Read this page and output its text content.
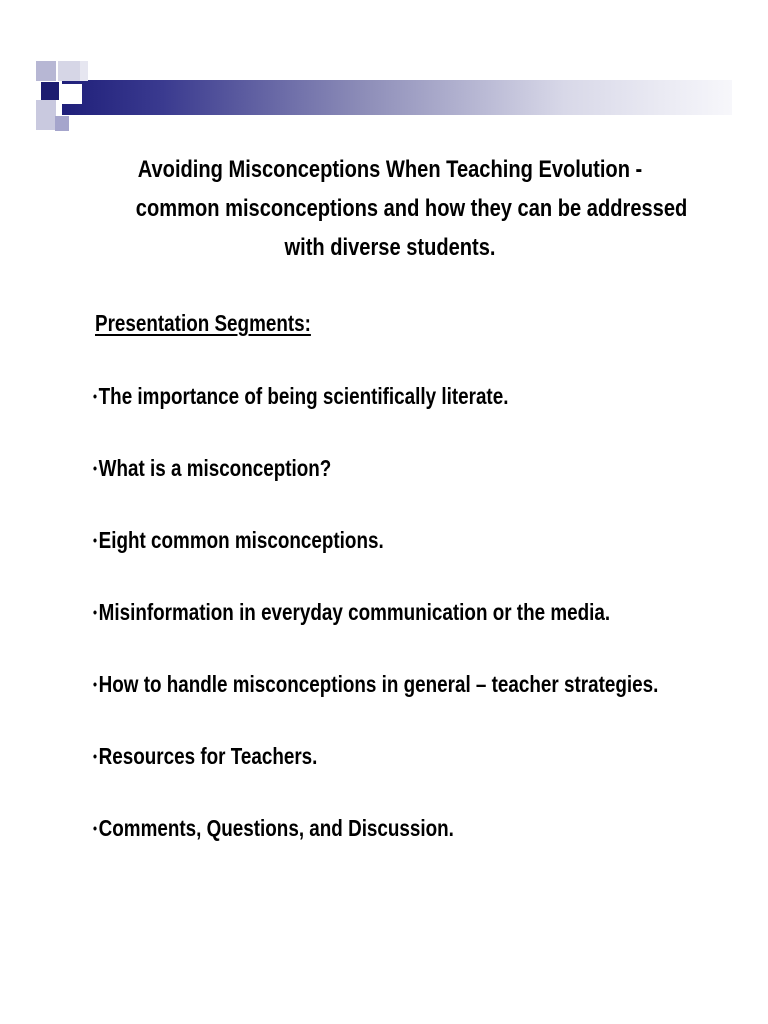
Avoiding Misconceptions When Teaching Evolution -
common misconceptions and how they can be addressed
with diverse students.
Presentation Segments:
•The importance of being scientifically literate.
•What is a misconception?
•Eight common misconceptions.
•Misinformation in everyday communication or the media.
•How to handle misconceptions in general – teacher strategies.
•Resources for Teachers.
•Comments, Questions, and Discussion.
